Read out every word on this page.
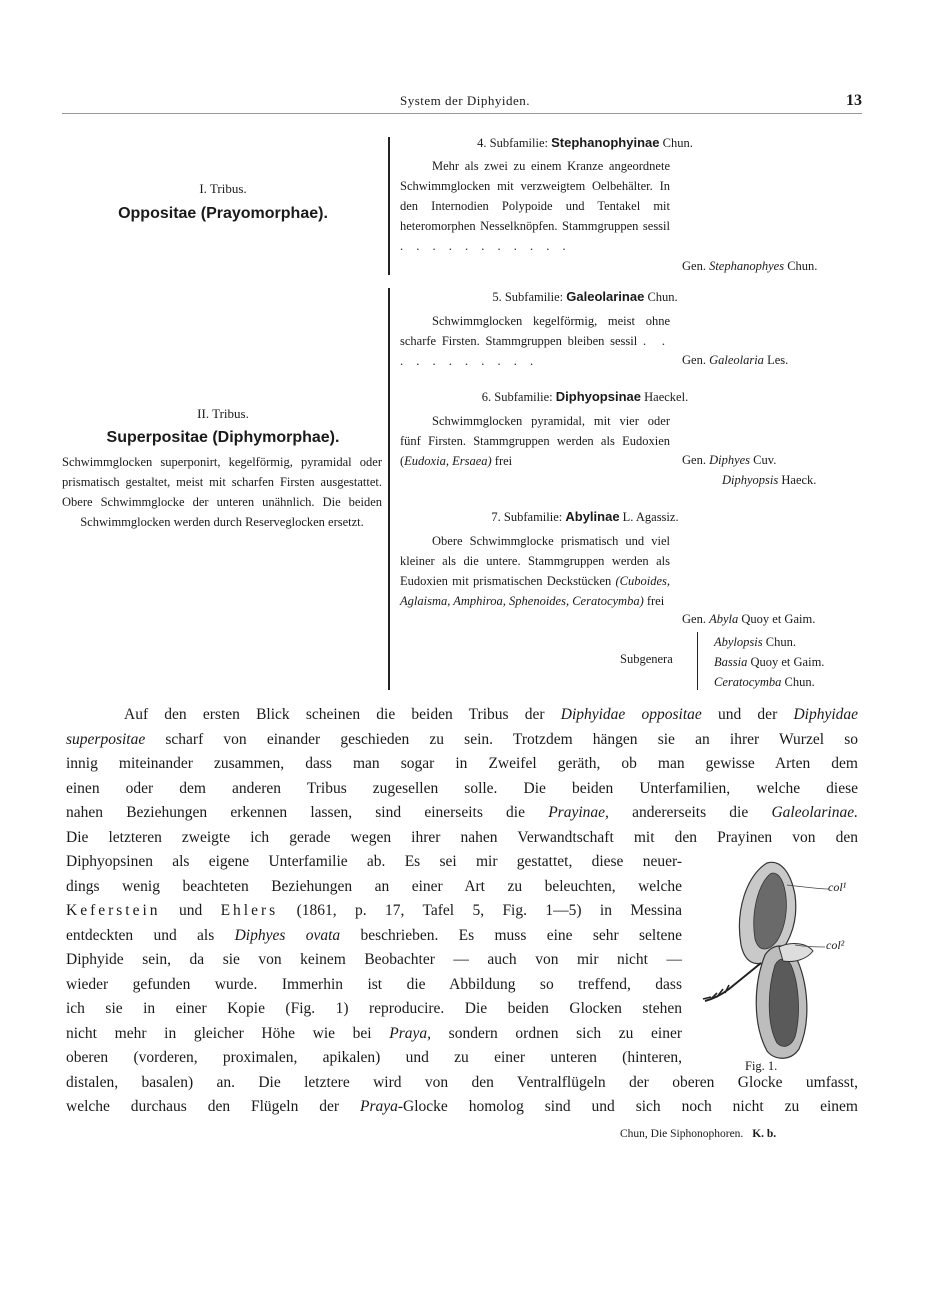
System der Diphyiden.	13
I. Tribus.
Oppositae (Prayomorphae).
II. Tribus.
Superpositae (Diphymorphae).
Schwimmglocken superponirt, kegelförmig, pyramidal oder prismatisch gestaltet, meist mit scharfen Firsten ausgestattet. Obere Schwimmglocke der unteren unähnlich. Die beiden Schwimmglocken werden durch Reserveglocken ersetzt.
4. Subfamilie: Stephanophyinae Chun.
Mehr als zwei zu einem Kranze angeordnete Schwimmglocken mit verzweigtem Oelbehälter. In den Internodien Polypoide und Tentakel mit heteromorphen Nesselknöpfen. Stammgruppen sessil . . . . . . . . . . .
Gen. Stephanophyes Chun.
5. Subfamilie: Galeolarinae Chun.
Schwimmglocken kegelförmig, meist ohne scharfe Firsten. Stammgruppen bleiben sessil . . . . . . . . . . .	Gen. Galeolaria Les.
6. Subfamilie: Diphyopsinae Haeckel.
Schwimmglocken pyramidal, mit vier oder fünf Firsten. Stammgruppen werden als Eudoxien (Eudoxia, Ersaea) frei	Gen. Diphyes Cuv.
Diphyopsis Haeck.
7. Subfamilie: Abylinae L. Agassiz.
Obere Schwimmglocke prismatisch und viel kleiner als die untere. Stammgruppen werden als Eudoxien mit prismatischen Deckstücken (Cuboides, Aglaisma, Amphiroa, Sphenoides, Ceratocymba) frei
Gen. Abyla Quoy et Gaim.
Subgenera
Abylopsis Chun.
Bassia Quoy et Gaim.
Ceratocymba Chun.
Auf den ersten Blick scheinen die beiden Tribus der Diphyidae oppositae und der Diphyidae
superpositae scharf von einander geschieden zu sein. Trotzdem hängen sie an ihrer Wurzel so
innig miteinander zusammen, dass man sogar in Zweifel geräth, ob man gewisse Arten dem
einen oder dem anderen Tribus zugesellen solle. Die beiden Unterfamilien, welche diese
nahen Beziehungen erkennen lassen, sind einerseits die Prayinae, andererseits die Galeolarinae.
Die letzteren zweigte ich gerade wegen ihrer nahen Verwandtschaft mit den Prayinen von den
Diphyopsinen als eigene Unterfamilie ab. Es sei mir gestattet, diese neuer-
dings wenig beachteten Beziehungen an einer Art zu beleuchten, welche
Keferstein und Ehlers (1861, p. 17, Tafel 5, Fig. 1—5) in Messina
entdeckten und als Diphyes ovata beschrieben. Es muss eine sehr seltene
Diphyide sein, da sie von keinem Beobachter — auch von mir nicht —
wieder gefunden wurde. Immerhin ist die Abbildung so treffend, dass
ich sie in einer Kopie (Fig. 1) reproducire. Die beiden Glocken stehen
nicht mehr in gleicher Höhe wie bei Praya, sondern ordnen sich zu einer
oberen (vorderen, proximalen, apikalen) und zu einer unteren (hinteren,
distalen, basalen) an. Die letztere wird von den Ventralflügeln der oberen Glocke umfasst,
welche durchaus den Flügeln der Praya-Glocke homolog sind und sich noch nicht zu einem
col¹
col²
Fig. 1.
Chun, Die Siphonophoren. K. b.
